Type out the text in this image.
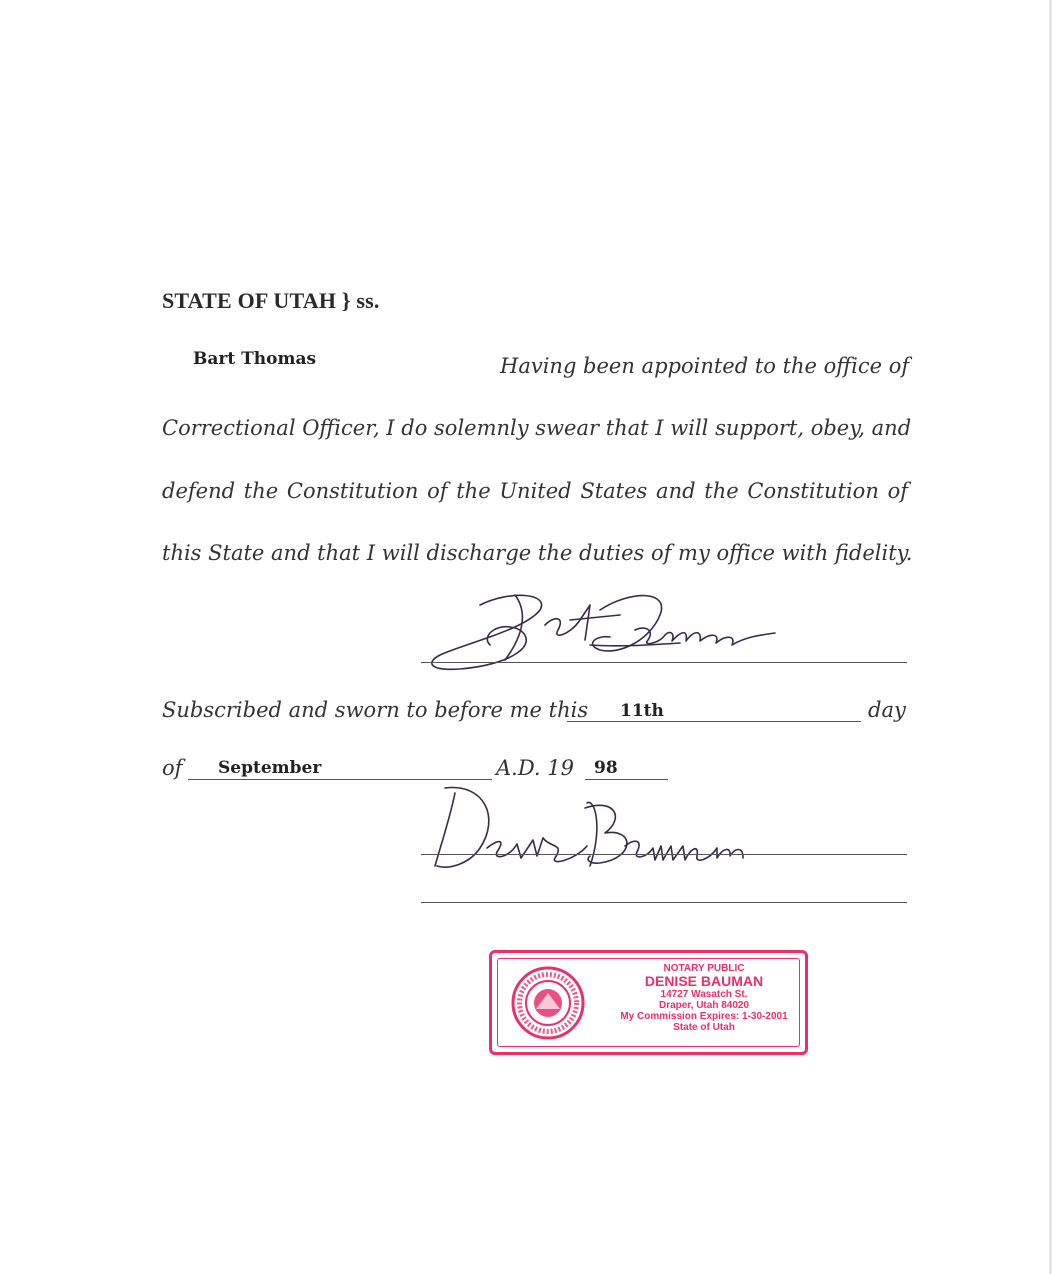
STATE OF UTAH } ss.
Bart Thomas	Having been appointed to the office of
Correctional Officer, I do solemnly swear that I will support, obey, and
defend the Constitution of the United States and the Constitution of
this State and that I will discharge the duties of my office with fidelity.
Subscribed and sworn to before me this 11th	day
of September	A.D. 19 98
NOTARY PUBLIC
DENISE BAUMAN
14727 Wasatch St.
Draper, Utah 84020
My Commission Expires: 1-30-2001
State of Utah
